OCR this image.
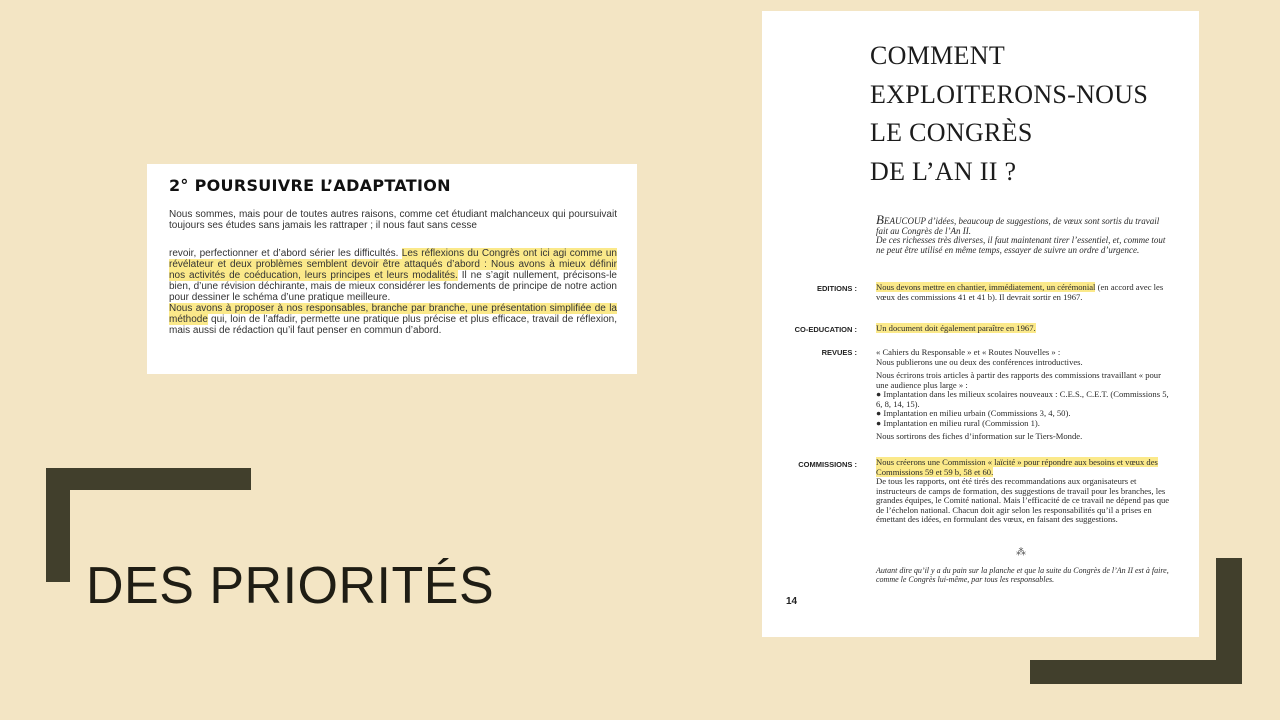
DES PRIORITÉS
2° POURSUIVRE L’ADAPTATION

Nous sommes, mais pour de toutes autres raisons, comme cet étudiant malchanceux qui poursuivait toujours ses études sans jamais les rattraper ; il nous faut sans cesse

revoir, perfectionner et d’abord sérier les difficultés. Les réflexions du Congrès ont ici agi comme un révélateur et deux problèmes semblent devoir être attaqués d’abord : Nous avons à mieux définir nos activités de coéducation, leurs principes et leurs modalités. Il ne s’agit nullement, précisons-le bien, d’une révision déchirante, mais de mieux considérer les fondements de principe de notre action pour dessiner le schéma d’une pratique meilleure.

Nous avons à proposer à nos responsables, branche par branche, une présentation simplifiée de la méthode qui, loin de l’affadir, permette une pratique plus précise et plus efficace, travail de réflexion, mais aussi de rédaction qu’il faut penser en commun d’abord.

COMMENT
EXPLOITERONS-NOUS
LE CONGRÈS
DE L’AN II ?

BEAUCOUP d’idées, beaucoup de suggestions, de vœux sont sortis du travail fait au Congrès de l’An II.
De ces richesses très diverses, il faut maintenant tirer l’essentiel, et, comme tout ne peut être utilisé en même temps, essayer de suivre un ordre d’urgence.

EDITIONS : Nous devons mettre en chantier, immédiatement, un cérémonial (en accord avec les vœux des commissions 41 et 41 b). Il devrait sortir en 1967.

CO-EDUCATION : Un document doit également paraître en 1967.

REVUES : « Cahiers du Responsable » et « Routes Nouvelles » :
Nous publierons une ou deux des conférences introductives.

Nous écrirons trois articles à partir des rapports des commissions travaillant « pour une audience plus large » :
● Implantation dans les milieux scolaires nouveaux : C.E.S., C.E.T. (Commissions 5, 6, 8, 14, 15).
● Implantation en milieu urbain (Commissions 3, 4, 50).
● Implantation en milieu rural (Commission 1).

Nous sortirons des fiches d’information sur le Tiers-Monde.

COMMISSIONS : Nous créerons une Commission « laïcité » pour répondre aux besoins et vœux des Commissions 59 et 59 b, 58 et 60.
De tous les rapports, ont été tirés des recommandations aux organisateurs et instructeurs de camps de formation, des suggestions de travail pour les branches, les grandes équipes, le Comité national. Mais l’efficacité de ce travail ne dépend pas que de l’échelon national. Chacun doit agir selon les responsabilités qu’il a prises en émettant des idées, en formulant des vœux, en faisant des suggestions.

⁂

Autant dire qu’il y a du pain sur la planche et que la suite du Congrès de l’An II est à faire, comme le Congrès lui-même, par tous les responsables.

14
